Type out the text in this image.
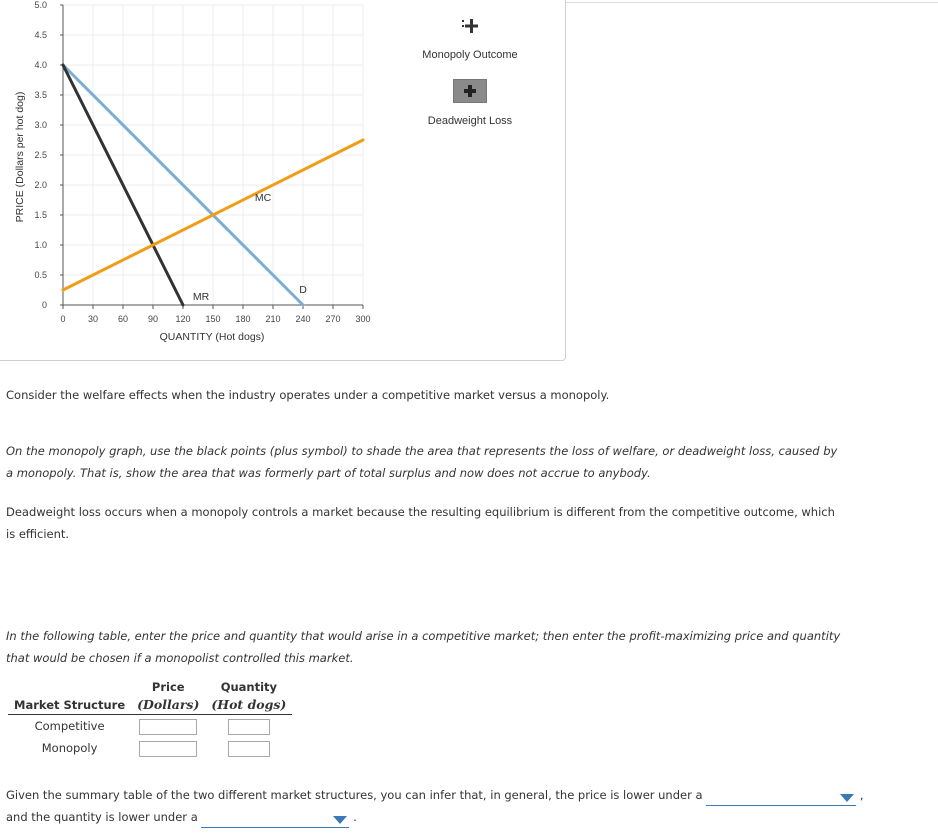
0
0.5
1.0
1.5
2.0
2.5
3.0
3.5
4.0
4.5
5.0
0 30 60 90 120 150 180 210 240 270 300
QUANTITY (Hot dogs)
PRICE (Dollars per hot dog)
D
MR
MC
Monopoly Outcome
Deadweight Loss
Consider the welfare effects when the industry operates under a competitive market versus a monopoly.
On the monopoly graph, use the black points (plus symbol) to shade the area that represents the loss of welfare, or deadweight loss, caused by a monopoly. That is, show the area that was formerly part of total surplus and now does not accrue to anybody.
Deadweight loss occurs when a monopoly controls a market because the resulting equilibrium is different from the competitive outcome, which is efficient.
In the following table, enter the price and quantity that would arise in a competitive market; then enter the profit-maximizing price and quantity that would be chosen if a monopolist controlled this market.
	Price	Quantity
Market Structure	(Dollars)	(Hot dogs)
Competitive		
Monopoly		
Given the summary table of the two different market structures, you can infer that, in general, the price is lower under a	,
and the quantity is lower under a	.
